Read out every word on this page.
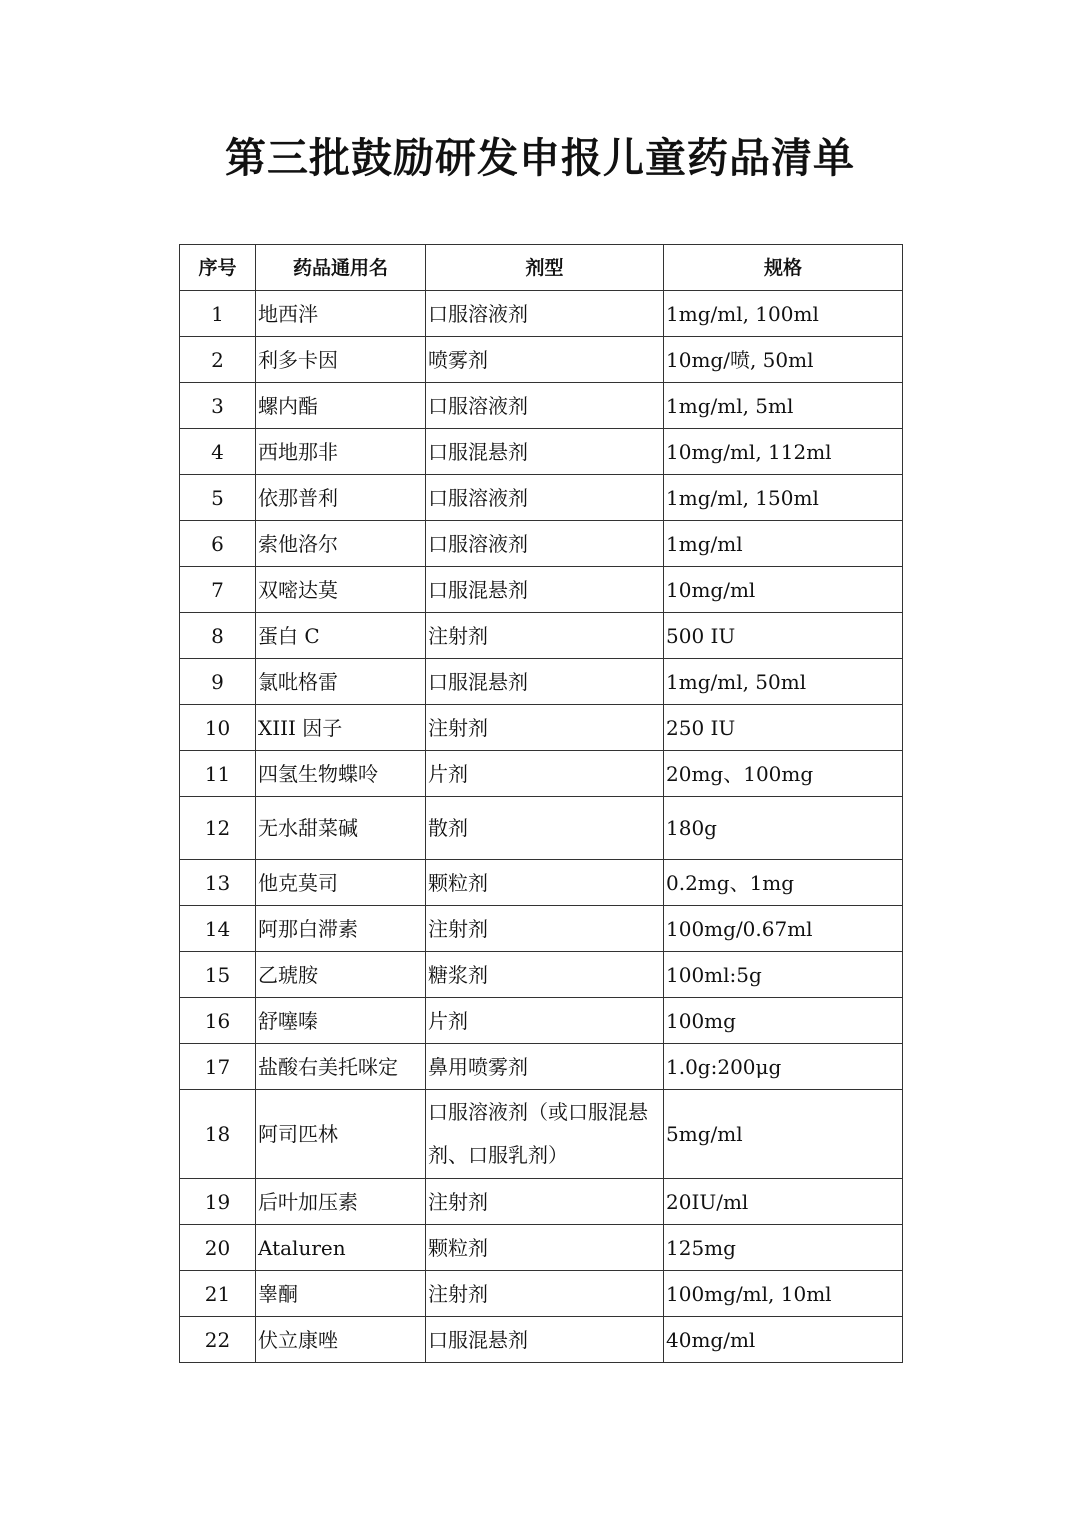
第三批鼓励研发申报儿童药品清单
序号	药品通用名	剂型	规格
1	地西泮	口服溶液剂	1mg/ml, 100ml
2	利多卡因	喷雾剂	10mg/喷, 50ml
3	螺内酯	口服溶液剂	1mg/ml, 5ml
4	西地那非	口服混悬剂	10mg/ml, 112ml
5	依那普利	口服溶液剂	1mg/ml, 150ml
6	索他洛尔	口服溶液剂	1mg/ml
7	双嘧达莫	口服混悬剂	10mg/ml
8	蛋白 C	注射剂	500 IU
9	氯吡格雷	口服混悬剂	1mg/ml, 50ml
10	XIII 因子	注射剂	250 IU
11	四氢生物蝶呤	片剂	20mg、100mg
12	无水甜菜碱	散剂	180g
13	他克莫司	颗粒剂	0.2mg、1mg
14	阿那白滞素	注射剂	100mg/0.67ml
15	乙琥胺	糖浆剂	100ml:5g
16	舒噻嗪	片剂	100mg
17	盐酸右美托咪定	鼻用喷雾剂	1.0g:200μg
18	阿司匹林	口服溶液剂（或口服混悬剂、口服乳剂）	5mg/ml
19	后叶加压素	注射剂	20IU/ml
20	Ataluren	颗粒剂	125mg
21	睾酮	注射剂	100mg/ml, 10ml
22	伏立康唑	口服混悬剂	40mg/ml
